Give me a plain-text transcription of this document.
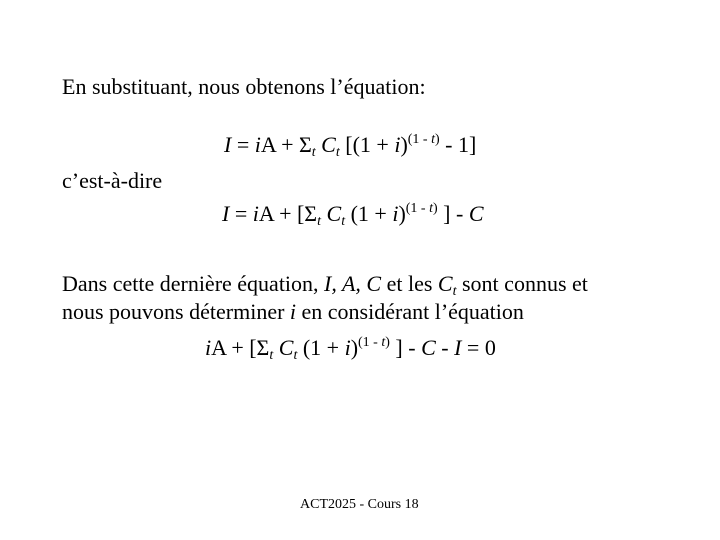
En substituant, nous obtenons l’équation:
I = iA + $\Sigma_t$ $C_t$ $[(1 + i)^{(1 - t)} - 1]$
c’est-à-dire
I = iA + [$\Sigma_t$ $C_t$ $(1 + i)^{(1 - t)}$ ] - C
Dans cette dernière équation, I, A, C et les $C_t$ sont connus et
nous pouvons déterminer i en considérant l’équation
iA + [$\Sigma_t$ $C_t$ $(1 + i)^{(1 - t)}$ ] - C - I = 0
ACT2025 - Cours 18
